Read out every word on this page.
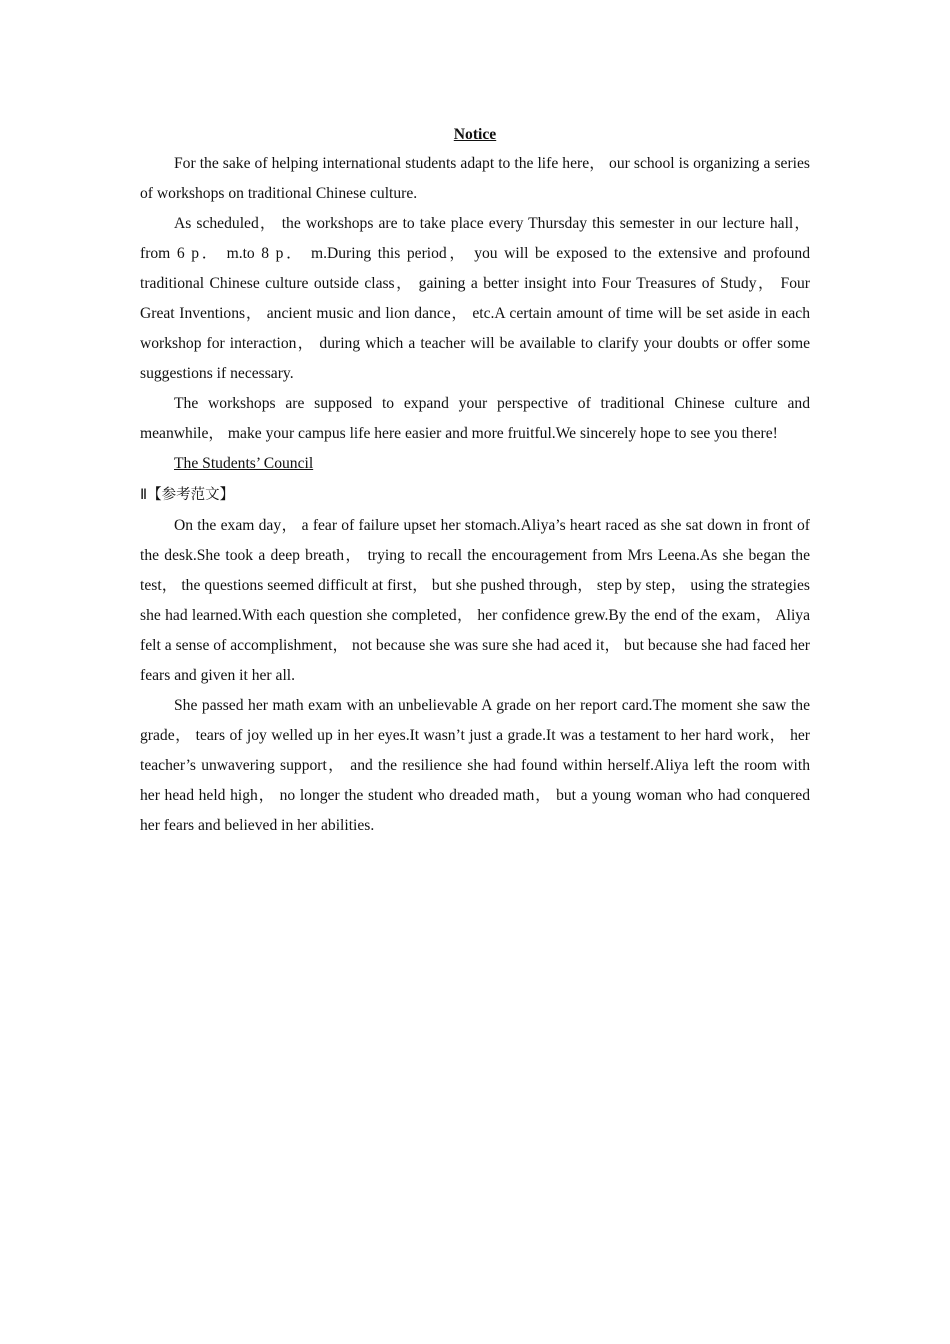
Notice

For the sake of helping international students adapt to the life here， our school is organizing a series of workshops on traditional Chinese culture.

As scheduled， the workshops are to take place every Thursday this semester in our lecture hall， from 6 p． m.to 8 p． m.During this period， you will be exposed to the extensive and profound traditional Chinese culture outside class， gaining a better insight into Four Treasures of Study， Four Great Inventions， ancient music and lion dance， etc.A certain amount of time will be set aside in each workshop for interaction， during which a teacher will be available to clarify your doubts or offer some suggestions if necessary.

The workshops are supposed to expand your perspective of traditional Chinese culture and meanwhile， make your campus life here easier and more fruitful.We sincerely hope to see you there!

The Students’ Council

Ⅱ【参考范文】

On the exam day， a fear of failure upset her stomach.Aliya’s heart raced as she sat down in front of the desk.She took a deep breath， trying to recall the encouragement from Mrs Leena.As she began the test， the questions seemed difficult at first， but she pushed through， step by step， using the strategies she had learned.With each question she completed， her confidence grew.By the end of the exam， Aliya felt a sense of accomplishment， not because she was sure she had aced it， but because she had faced her fears and given it her all.

She passed her math exam with an unbelievable A grade on her report card.The moment she saw the grade， tears of joy welled up in her eyes.It wasn’t just a grade.It was a testament to her hard work， her teacher’s unwavering support， and the resilience she had found within herself.Aliya left the room with her head held high， no longer the student who dreaded math， but a young woman who had conquered her fears and believed in her abilities.
